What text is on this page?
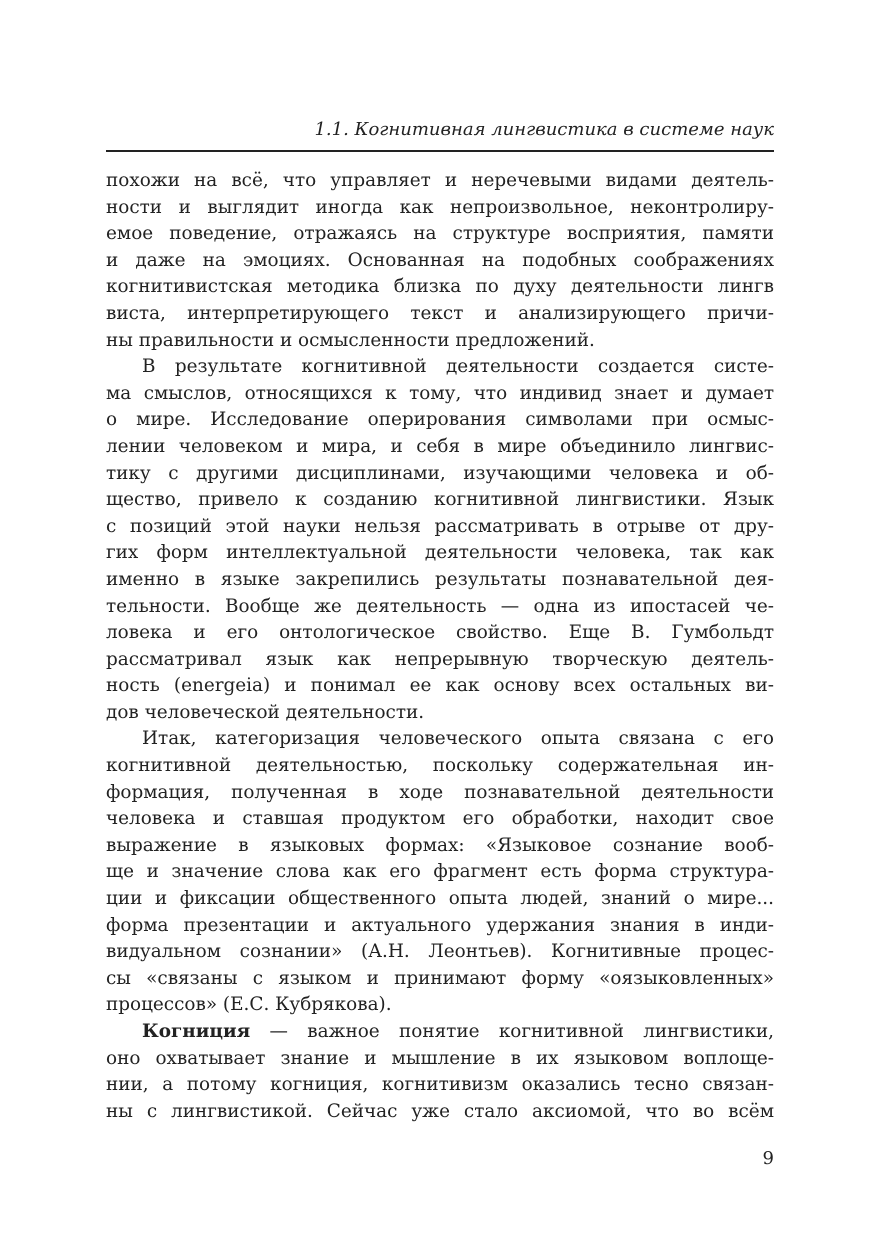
1.1. Когнитивная лингвистика в системе наук
похожи на всё, что управляет и неречевыми видами деятель-
ности и выглядит иногда как непроизвольное, неконтролиру-
емое поведение, отражаясь на структуре восприятия, памяти
и даже на эмоциях. Основанная на подобных соображениях
когнитивистская методика близка по духу деятельности лингв
виста, интерпретирующего текст и анализирующего причи-
ны правильности и осмысленности предложений.
В результате когнитивной деятельности создается систе-
ма смыслов, относящихся к тому, что индивид знает и думает
о мире. Исследование оперирования символами при осмыс-
лении человеком и мира, и себя в мире объединило лингвис-
тику с другими дисциплинами, изучающими человека и об-
щество, привело к созданию когнитивной лингвистики. Язык
с позиций этой науки нельзя рассматривать в отрыве от дру-
гих форм интеллектуальной деятельности человека, так как
именно в языке закрепились результаты познавательной дея-
тельности. Вообще же деятельность — одна из ипостасей че-
ловека и его онтологическое свойство. Еще В. Гумбольдт
рассматривал язык как непрерывную творческую деятель-
ность (energeia) и понимал ее как основу всех остальных ви-
дов человеческой деятельности.
Итак, категоризация человеческого опыта связана с его
когнитивной деятельностью, поскольку содержательная ин-
формация, полученная в ходе познавательной деятельности
человека и ставшая продуктом его обработки, находит свое
выражение в языковых формах: «Языковое сознание вооб-
ще и значение слова как его фрагмент есть форма структура-
ции и фиксации общественного опыта людей, знаний о мире...
форма презентации и актуального удержания знания в инди-
видуальном сознании» (А.Н. Леонтьев). Когнитивные процес-
сы «связаны с языком и принимают форму «оязыковленных»
процессов» (Е.С. Кубрякова).
Когниция — важное понятие когнитивной лингвистики,
оно охватывает знание и мышление в их языковом воплоще-
нии, а потому когниция, когнитивизм оказались тесно связан-
ны с лингвистикой. Сейчас уже стало аксиомой, что во всём
9
